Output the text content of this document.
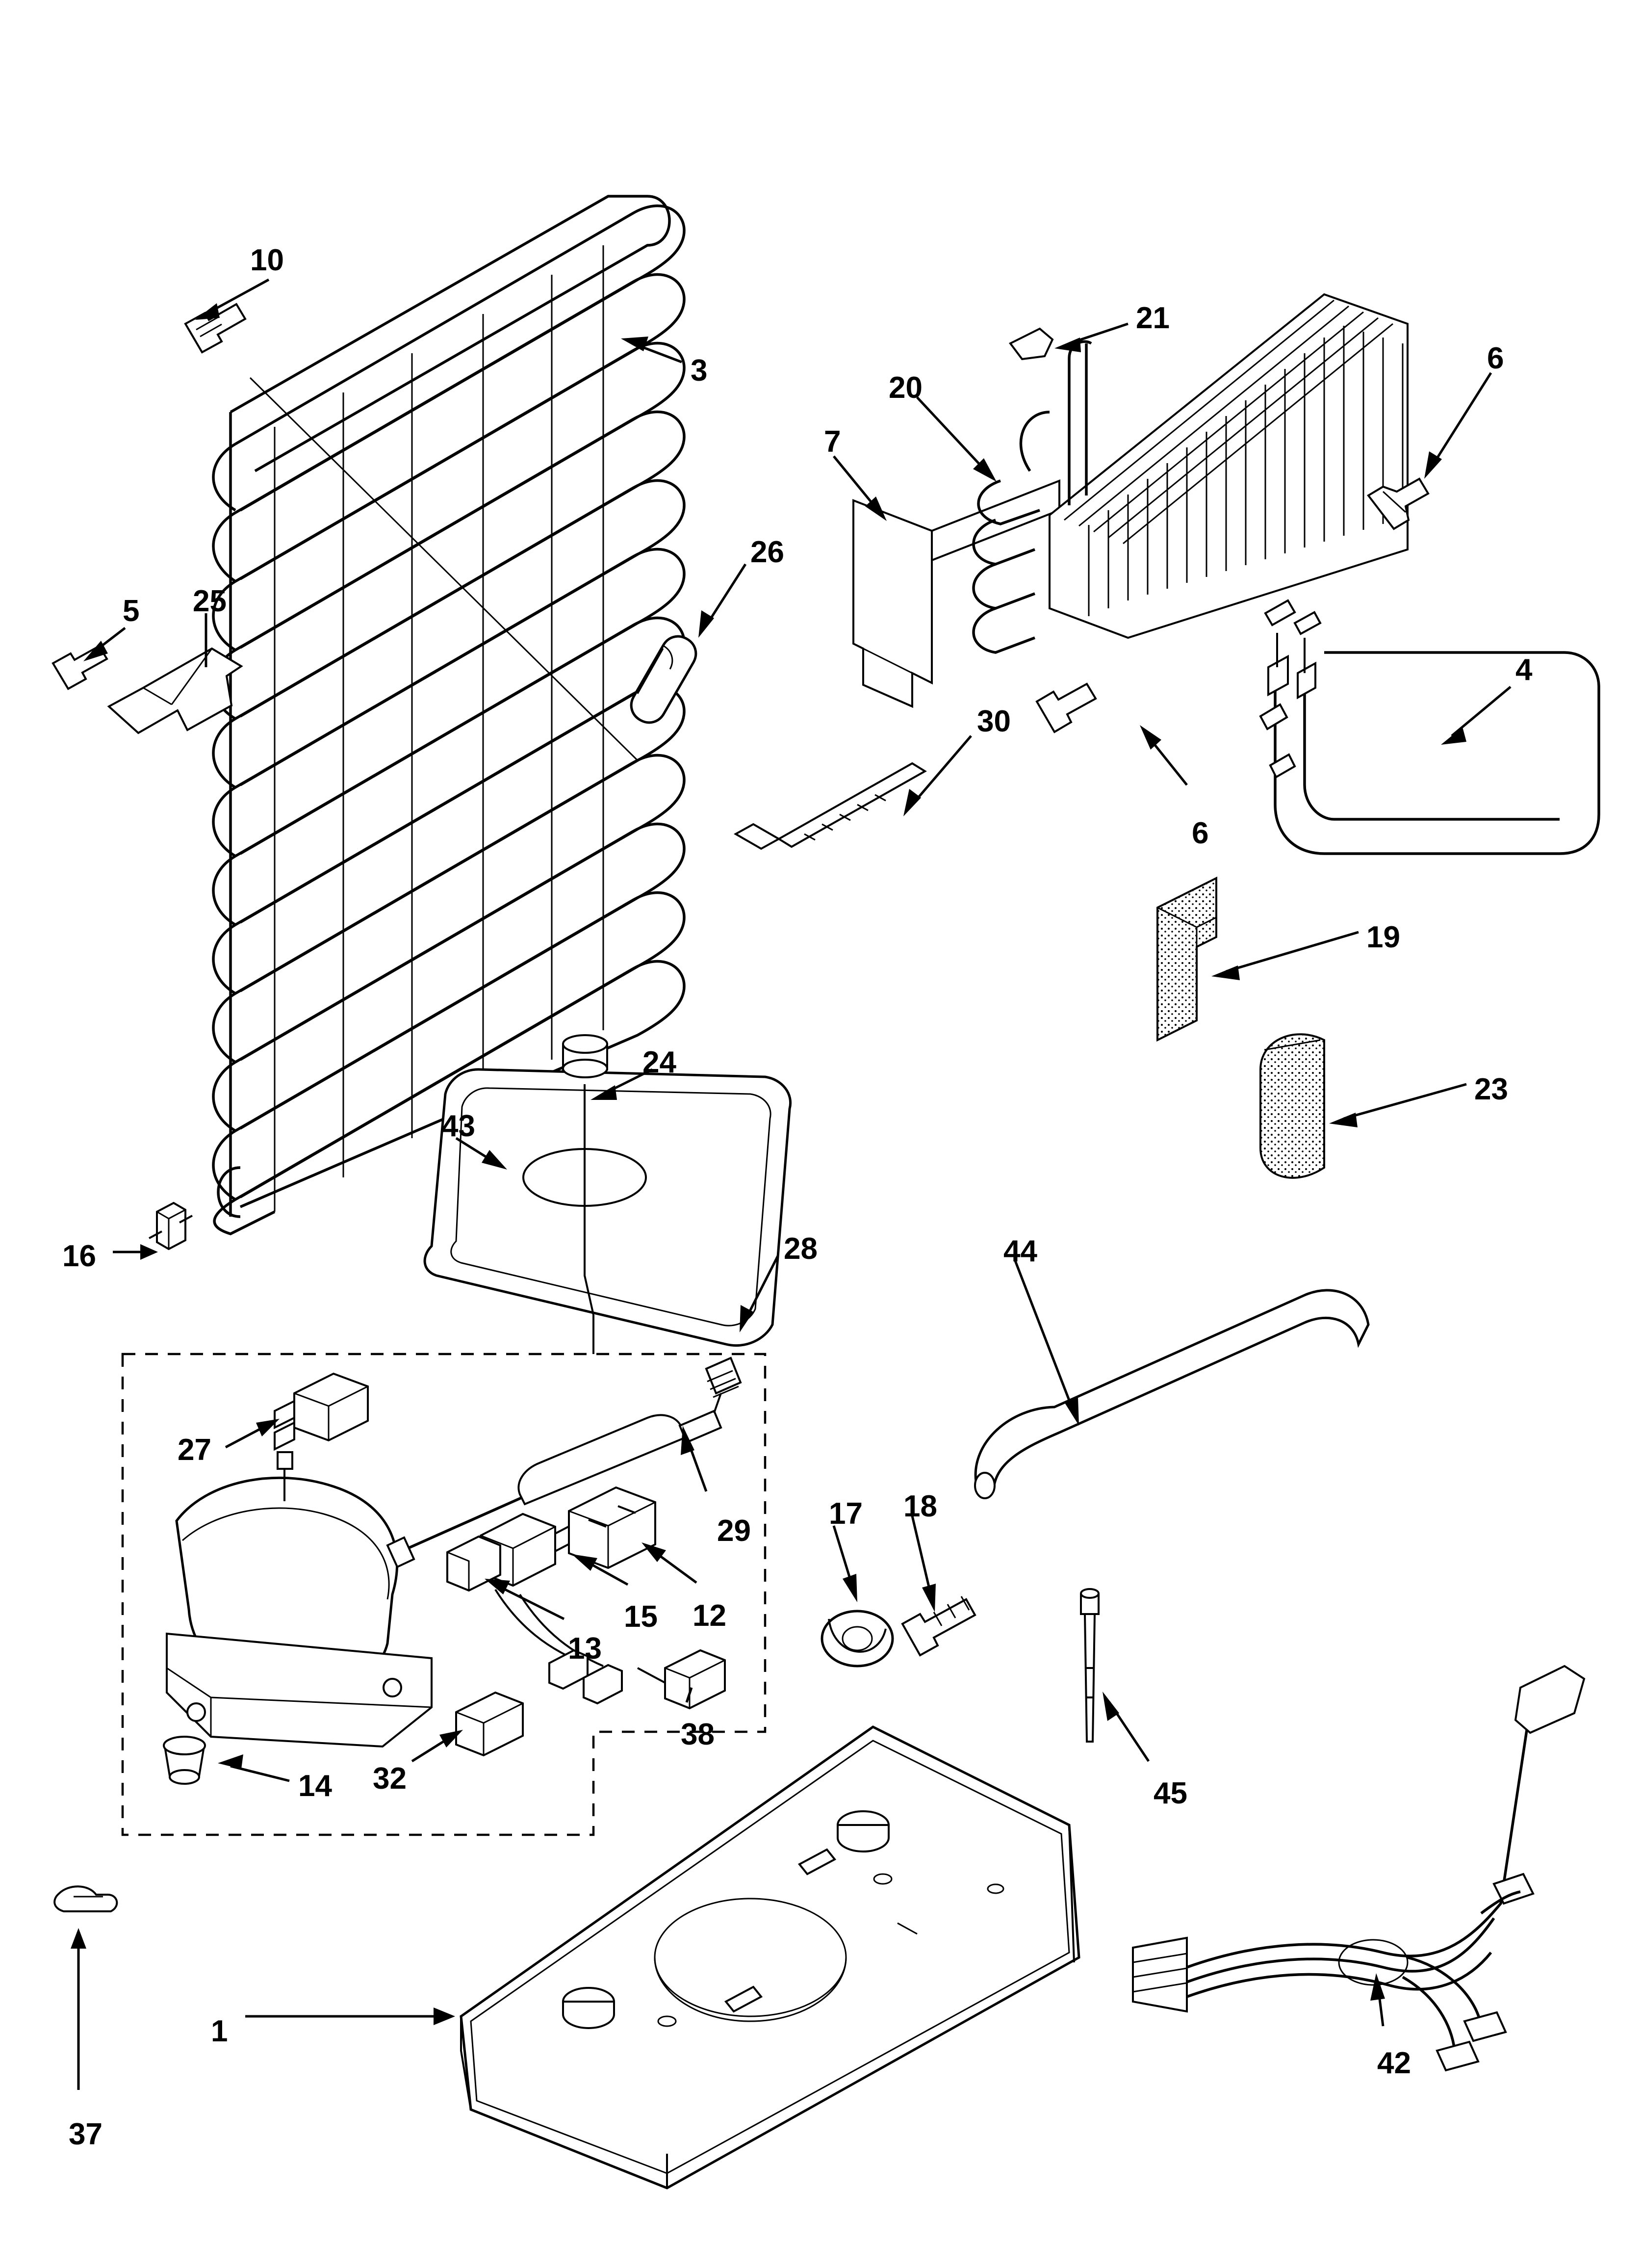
10
3
21
20
6
7
26
5 25
4
30
6
19
23
24
43
16	28	44
27
29
17 18
15 12
13
38
45
14 32
1
42
37
